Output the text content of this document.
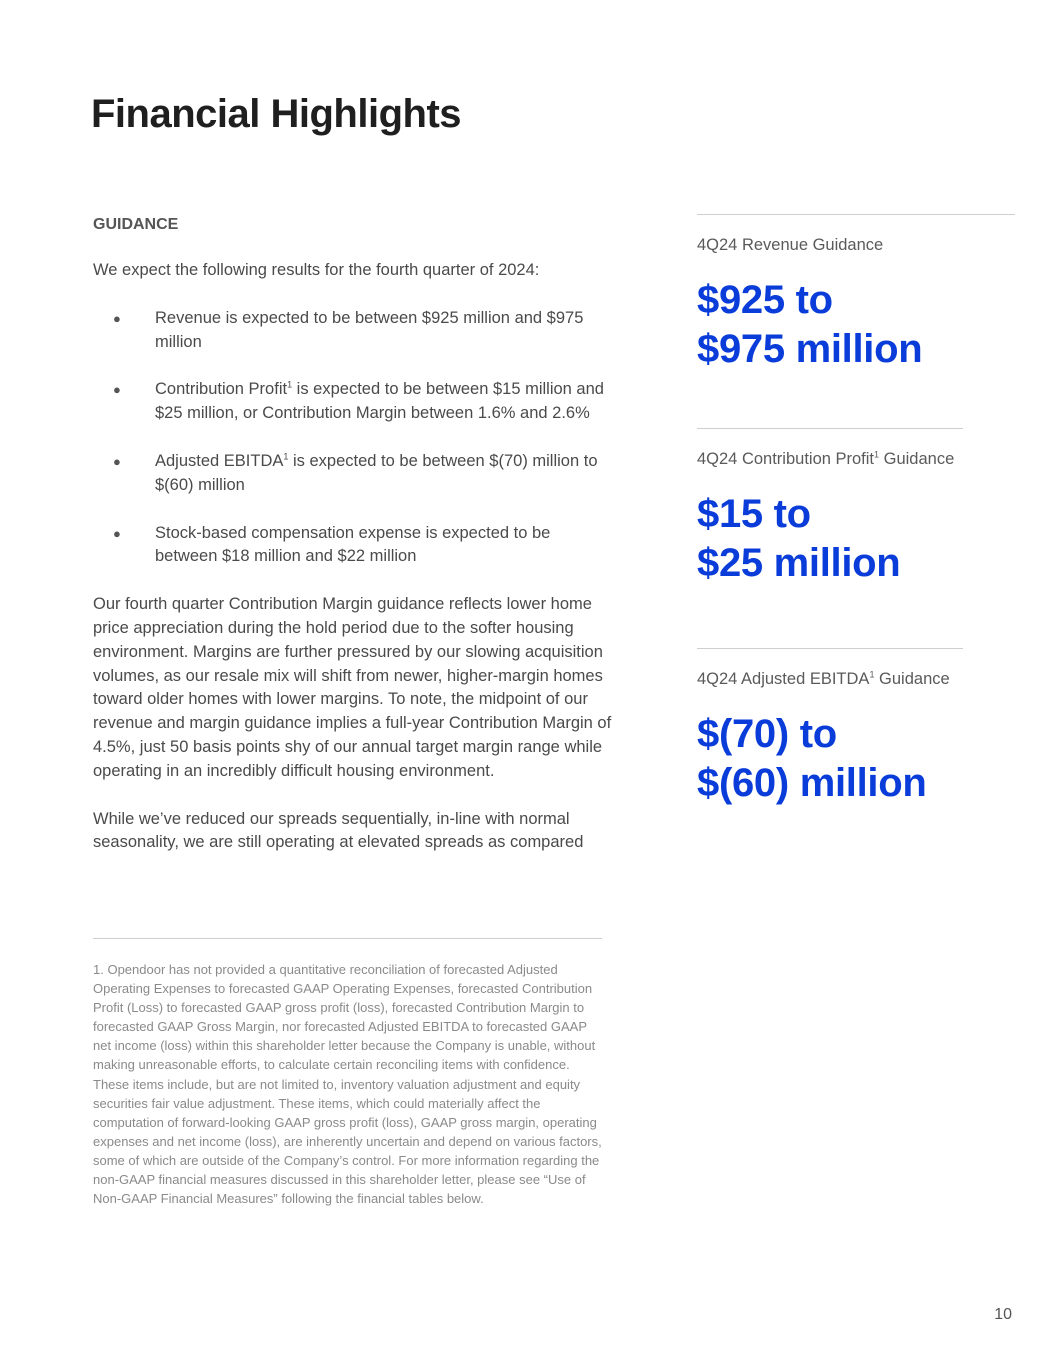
Financial Highlights
GUIDANCE

We expect the following results for the fourth quarter of 2024:

● Revenue is expected to be between $925 million and $975 million
● Contribution Profit$^1$ is expected to be between $15 million and $25 million, or Contribution Margin between 1.6% and 2.6%
● Adjusted EBITDA$^1$ is expected to be between $(70) million to $(60) million
● Stock-based compensation expense is expected to be between $18 million and $22 million

Our fourth quarter Contribution Margin guidance reflects lower home price appreciation during the hold period due to the softer housing environment. Margins are further pressured by our slowing acquisition volumes, as our resale mix will shift from newer, higher-margin homes toward older homes with lower margins. To note, the midpoint of our revenue and margin guidance implies a full-year Contribution Margin of 4.5%, just 50 basis points shy of our annual target margin range while operating in an incredibly difficult housing environment.

While we’ve reduced our spreads sequentially, in-line with normal seasonality, we are still operating at elevated spreads as compared

1. Opendoor has not provided a quantitative reconciliation of forecasted Adjusted Operating Expenses to forecasted GAAP Operating Expenses, forecasted Contribution Profit (Loss) to forecasted GAAP gross profit (loss), forecasted Contribution Margin to forecasted GAAP Gross Margin, nor forecasted Adjusted EBITDA to forecasted GAAP net income (loss) within this shareholder letter because the Company is unable, without making unreasonable efforts, to calculate certain reconciling items with confidence. These items include, but are not limited to, inventory valuation adjustment and equity securities fair value adjustment. These items, which could materially affect the computation of forward-looking GAAP gross profit (loss), GAAP gross margin, operating expenses and net income (loss), are inherently uncertain and depend on various factors, some of which are outside of the Company’s control. For more information regarding the non-GAAP financial measures discussed in this shareholder letter, please see “Use of Non-GAAP Financial Measures” following the financial tables below.

4Q24 Revenue Guidance
$925 to
$975 million
4Q24 Contribution Profit$^1$ Guidance
$15 to
$25 million
4Q24 Adjusted EBITDA$^1$ Guidance
$(70) to
$(60) million
10
